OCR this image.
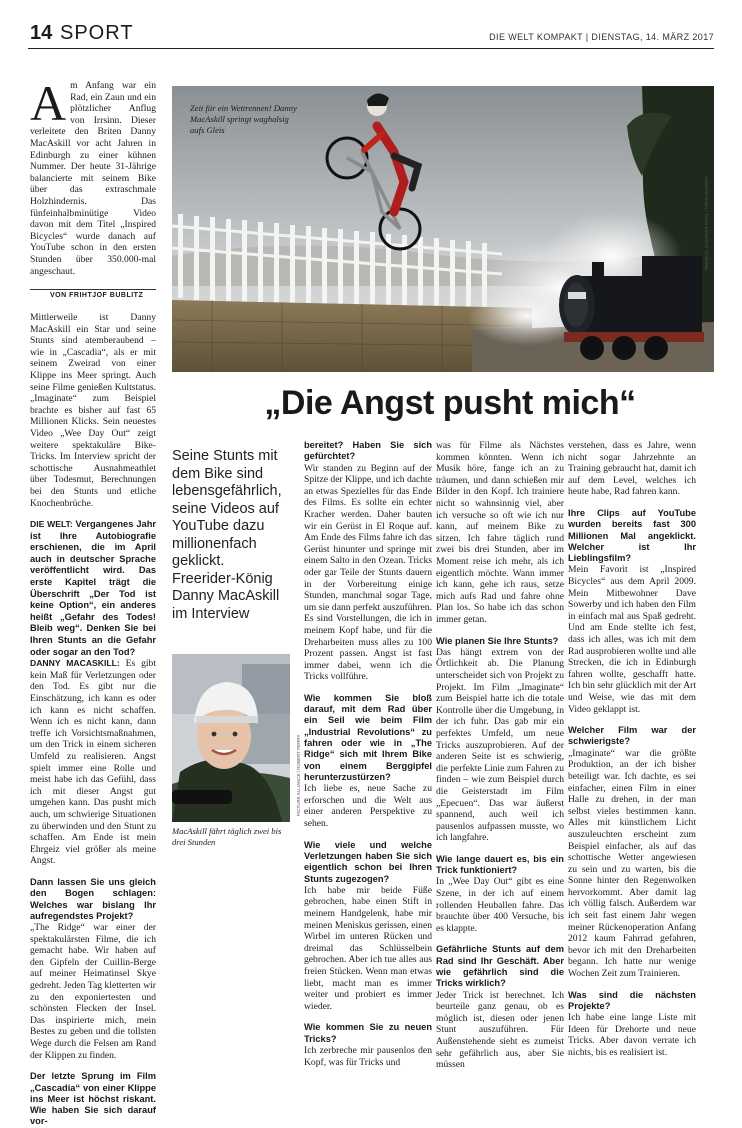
14 SPORT	DIE WELT KOMPAKT | DIENSTAG, 14. MÄRZ 2017
Am Anfang war ein Rad, ein Zaun und ein plötzlicher Anflug von Irrsinn. Dieser verleitete den Briten Danny MacAskill vor acht Jahren in Edinburgh zu einer kühnen Nummer. Der heute 31-Jährige balancierte mit seinem Bike über das extraschmale Holzhindernis. Das fünfeinhalbminütige Video davon mit dem Titel „Inspired Bicycles“ wurde danach auf YouTube schon in den ersten Stunden über 350.000-mal angeschaut.
VON FRIHTJOF BUBLITZ
Zeit für ein Wettrennen! Danny MacAskill springt waghalsig aufs Gleis
REDBULL CONTENT POOL / FRED MURRAY
„Die Angst pusht mich“
Seine Stunts mit dem Bike sind lebensgefährlich, seine Videos auf YouTube dazu millionenfach geklickt. Freerider-König Danny MacAskill im Interview
MacAskill fährt täglich zwei bis drei Stunden
PICTURE ALLIANCE / ROBERT PERRY

Mittlerweile ist Danny MacAskill ein Star und seine Stunts sind atemberaubend – wie in „Cascadia“, als er mit seinem Zweirad von einer Klippe ins Meer springt. Auch seine Filme genießen Kultstatus. „Imaginate“ zum Beispiel brachte es bisher auf fast 65 Millionen Klicks. Sein neuestes Video „Wee Day Out“ zeigt weitere spektakuläre Bike-Tricks. Im Interview spricht der schottische Ausnahmeathlet über Todesmut, Berechnungen bei den Stunts und etliche Knochenbrüche.

DIE WELT: Vergangenes Jahr ist Ihre Autobiografie erschienen, die im April auch in deutscher Sprache veröffentlicht wird. Das erste Kapitel trägt die Überschrift „Der Tod ist keine Option“, ein anderes heißt „Gefahr des Todes! Bleib weg“. Denken Sie bei Ihren Stunts an die Gefahr oder sogar an den Tod?

DANNY MACASKILL: Es gibt kein Maß für Verletzungen oder den Tod. Es gibt nur die Einschätzung, ich kann es oder ich kann es nicht schaffen. Wenn ich es nicht kann, dann treffe ich Vorsichtsmaßnahmen, um den Trick in einem sicheren Umfeld zu realisieren. Angst spielt immer eine Rolle und meist habe ich das Gefühl, dass ich mit dieser Angst gut umgehen kann. Das pusht mich auch, um schwierige Situationen zu überwinden und den Stunt zu schaffen. Am Ende ist mein Ehrgeiz viel größer als meine Angst.

Dann lassen Sie uns gleich den Bogen schlagen: Welches war bislang Ihr aufregendstes Projekt?

„The Ridge“ war einer der spektakulärsten Filme, die ich gemacht habe. Wir haben auf den Gipfeln der Cuillin-Berge auf meiner Heimatinsel Skye gedreht. Jeden Tag kletterten wir zu den exponiertesten und schönsten Flecken der Insel. Das inspirierte mich, mein Bestes zu geben und die tollsten Wege durch die Felsen am Rand der Klippen zu finden.

Der letzte Sprung im Film „Cascadia“ von einer Klippe ins Meer ist höchst riskant. Wie haben Sie sich darauf vor-

bereitet? Haben Sie sich gefürchtet?

Wir standen zu Beginn auf der Spitze der Klippe, und ich dachte an etwas Spezielles für das Ende des Films. Es sollte ein echter Kracher werden. Daher bauten wir ein Gerüst in El Roque auf. Am Ende des Films fahre ich das Gerüst hinunter und springe mit einem Salto in den Ozean. Tricks oder gar Teile der Stunts dauern in der Vorbereitung einige Stunden, manchmal sogar Tage, um sie dann perfekt auszuführen. Es sind Vorstellungen, die ich in meinem Kopf habe, und für die Dreharbeiten muss alles zu 100 Prozent passen. Angst ist fast immer dabei, wenn ich die Tricks vollführe.

Wie kommen Sie bloß darauf, mit dem Rad über ein Seil wie beim Film „Industrial Revolutions“ zu fahren oder wie in „The Ridge“ sich mit Ihrem Bike von einem Berggipfel herunterzustürzen?

Ich liebe es, neue Sache zu erforschen und die Welt aus einer anderen Perspektive zu sehen.

Wie viele und welche Verletzungen haben Sie sich eigentlich schon bei Ihren Stunts zugezogen?

Ich habe mir beide Füße gebrochen, habe einen Stift in meinem Handgelenk, habe mir meinen Meniskus gerissen, einen Wirbel im unteren Rücken und dreimal das Schlüsselbein gebrochen. Aber ich tue alles aus freien Stücken. Wenn man etwas liebt, macht man es immer weiter und probiert es immer wieder.

Wie kommen Sie zu neuen Tricks?

Ich zerbreche mir pausenlos den Kopf, was für Tricks und

was für Filme als Nächstes kommen könnten. Wenn ich Musik höre, fange ich an zu träumen, und dann schießen mir Bilder in den Kopf. Ich trainiere nicht so wahnsinnig viel, aber ich versuche so oft wie ich nur kann, auf meinem Bike zu sitzen. Ich fahre täglich rund zwei bis drei Stunden, aber im Moment reise ich mehr, als ich eigentlich möchte. Wann immer ich kann, gehe ich raus, setze mich aufs Rad und fahre ohne Plan los. So habe ich das schon immer getan.

Wie planen Sie Ihre Stunts?

Das hängt extrem von der Örtlichkeit ab. Die Planung unterscheidet sich von Projekt zu Projekt. Im Film „Imaginate“ zum Beispiel hatte ich die totale Kontrolle über die Umgebung, in der ich fuhr. Das gab mir ein perfektes Umfeld, um neue Tricks auszuprobieren. Auf der anderen Seite ist es schwierig, die perfekte Linie zum Fahren zu finden – wie zum Beispiel durch die Geisterstadt im Film „Epecuen“. Das war äußerst spannend, auch weil ich pausenlos aufpassen musste, wo ich langfahre.

Wie lange dauert es, bis ein Trick funktioniert?

In „Wee Day Out“ gibt es eine Szene, in der ich auf einem rollenden Heuballen fahre. Das brauchte über 400 Versuche, bis es klappte.

Gefährliche Stunts auf dem Rad sind Ihr Geschäft. Aber wie gefährlich sind die Tricks wirklich?

Jeder Trick ist berechnet. Ich beurteile ganz genau, ob es möglich ist, diesen oder jenen Stunt auszuführen. Für Außenstehende sieht es zumeist sehr gefährlich aus, aber Sie müssen

verstehen, dass es Jahre, wenn nicht sogar Jahrzehnte an Training gebraucht hat, damit ich auf dem Level, welches ich heute habe, Rad fahren kann.

Ihre Clips auf YouTube wurden bereits fast 300 Millionen Mal angeklickt. Welcher ist Ihr Lieblingsfilm?

Mein Favorit ist „Inspired Bicycles“ aus dem April 2009. Mein Mitbewohner Dave Sowerby und ich haben den Film in einfach mal aus Spaß gedreht. Und am Ende stellte ich fest, dass ich alles, was ich mit dem Rad ausprobieren wollte und alle Strecken, die ich in Edinburgh fahren wollte, geschafft hatte. Ich bin sehr glücklich mit der Art und Weise, wie das mit dem Video geklappt ist.

Welcher Film war der schwierigste?

„Imaginate“ war die größte Produktion, an der ich bisher beteiligt war. Ich dachte, es sei einfacher, einen Film in einer Halle zu drehen, in der man selbst vieles bestimmen kann. Alles mit künstlichem Licht auszuleuchten erscheint zum Beispiel einfacher, als auf das schottische Wetter angewiesen zu sein und zu warten, bis die Sonne hinter den Regenwolken hervorkommt. Aber damit lag ich völlig falsch. Außerdem war ich seit fast einem Jahr wegen meiner Rückenoperation Anfang 2012 kaum Fahrrad gefahren, bevor ich mit den Dreharbeiten begann. Ich hatte nur wenige Wochen Zeit zum Trainieren.

Was sind die nächsten Projekte?

Ich habe eine lange Liste mit Ideen für Drehorte und neue Tricks. Aber davon verrate ich nichts, bis es realisiert ist.
